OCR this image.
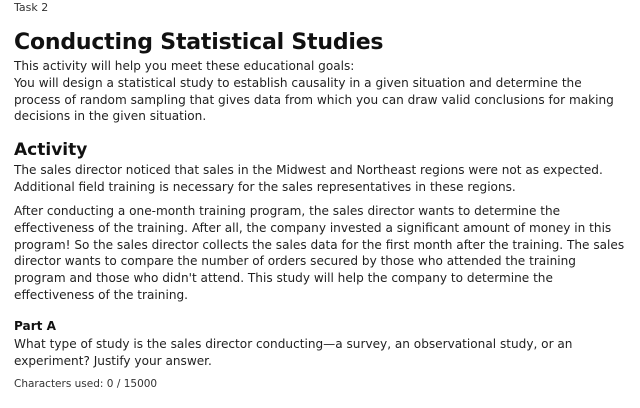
Task 2
Conducting Statistical Studies

This activity will help you meet these educational goals:

You will design a statistical study to establish causality in a given situation and determine the process of random sampling that gives data from which you can draw valid conclusions for making decisions in the given situation.

Activity

The sales director noticed that sales in the Midwest and Northeast regions were not as expected. Additional field training is necessary for the sales representatives in these regions.

After conducting a one-month training program, the sales director wants to determine the effectiveness of the training. After all, the company invested a significant amount of money in this program! So the sales director collects the sales data for the first month after the training. The sales director wants to compare the number of orders secured by those who attended the training program and those who didn't attend. This study will help the company to determine the effectiveness of the training.

Part A

What type of study is the sales director conducting—a survey, an observational study, or an experiment? Justify your answer.

Characters used: 0 / 15000
